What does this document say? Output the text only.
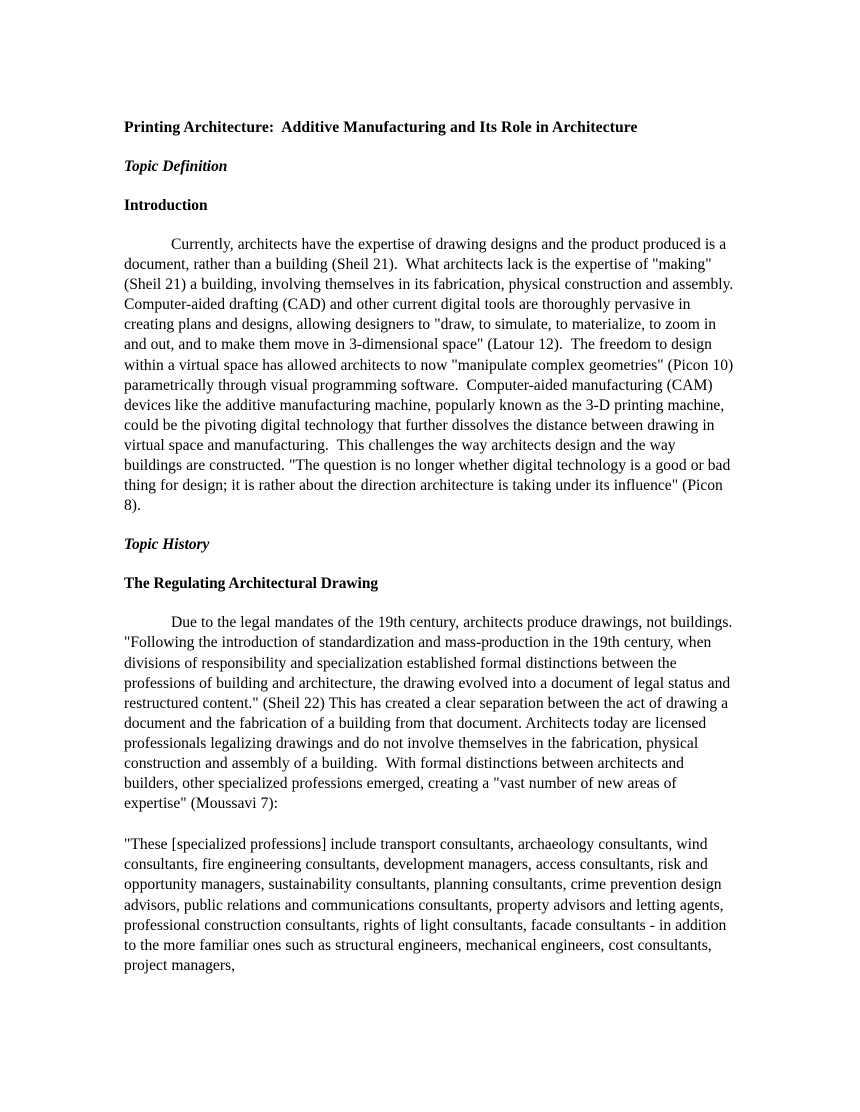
Printing Architecture:  Additive Manufacturing and Its Role in Architecture
Topic Definition
Introduction

Currently, architects have the expertise of drawing designs and the product produced is a document, rather than a building (Sheil 21).  What architects lack is the expertise of "making" (Sheil 21) a building, involving themselves in its fabrication, physical construction and assembly.  Computer-aided drafting (CAD) and other current digital tools are thoroughly pervasive in creating plans and designs, allowing designers to "draw, to simulate, to materialize, to zoom in and out, and to make them move in 3-dimensional space" (Latour 12).  The freedom to design within a virtual space has allowed architects to now "manipulate complex geometries" (Picon 10) parametrically through visual programming software.  Computer-aided manufacturing (CAM) devices like the additive manufacturing machine, popularly known as the 3-D printing machine, could be the pivoting digital technology that further dissolves the distance between drawing in virtual space and manufacturing.  This challenges the way architects design and the way buildings are constructed. "The question is no longer whether digital technology is a good or bad thing for design; it is rather about the direction architecture is taking under its influence" (Picon 8).

Topic History
The Regulating Architectural Drawing

Due to the legal mandates of the 19th century, architects produce drawings, not buildings.  "Following the introduction of standardization and mass-production in the 19th century, when divisions of responsibility and specialization established formal distinctions between the professions of building and architecture, the drawing evolved into a document of legal status and restructured content." (Sheil 22) This has created a clear separation between the act of drawing a document and the fabrication of a building from that document. Architects today are licensed professionals legalizing drawings and do not involve themselves in the fabrication, physical construction and assembly of a building.  With formal distinctions between architects and builders, other specialized professions emerged, creating a "vast number of new areas of expertise" (Moussavi 7):

"These [specialized professions] include transport consultants, archaeology consultants, wind consultants, fire engineering consultants, development managers, access consultants, risk and opportunity managers, sustainability consultants, planning consultants, crime prevention design advisors, public relations and communications consultants, property advisors and letting agents, professional construction consultants, rights of light consultants, facade consultants - in addition to the more familiar ones such as structural engineers, mechanical engineers, cost consultants, project managers,
